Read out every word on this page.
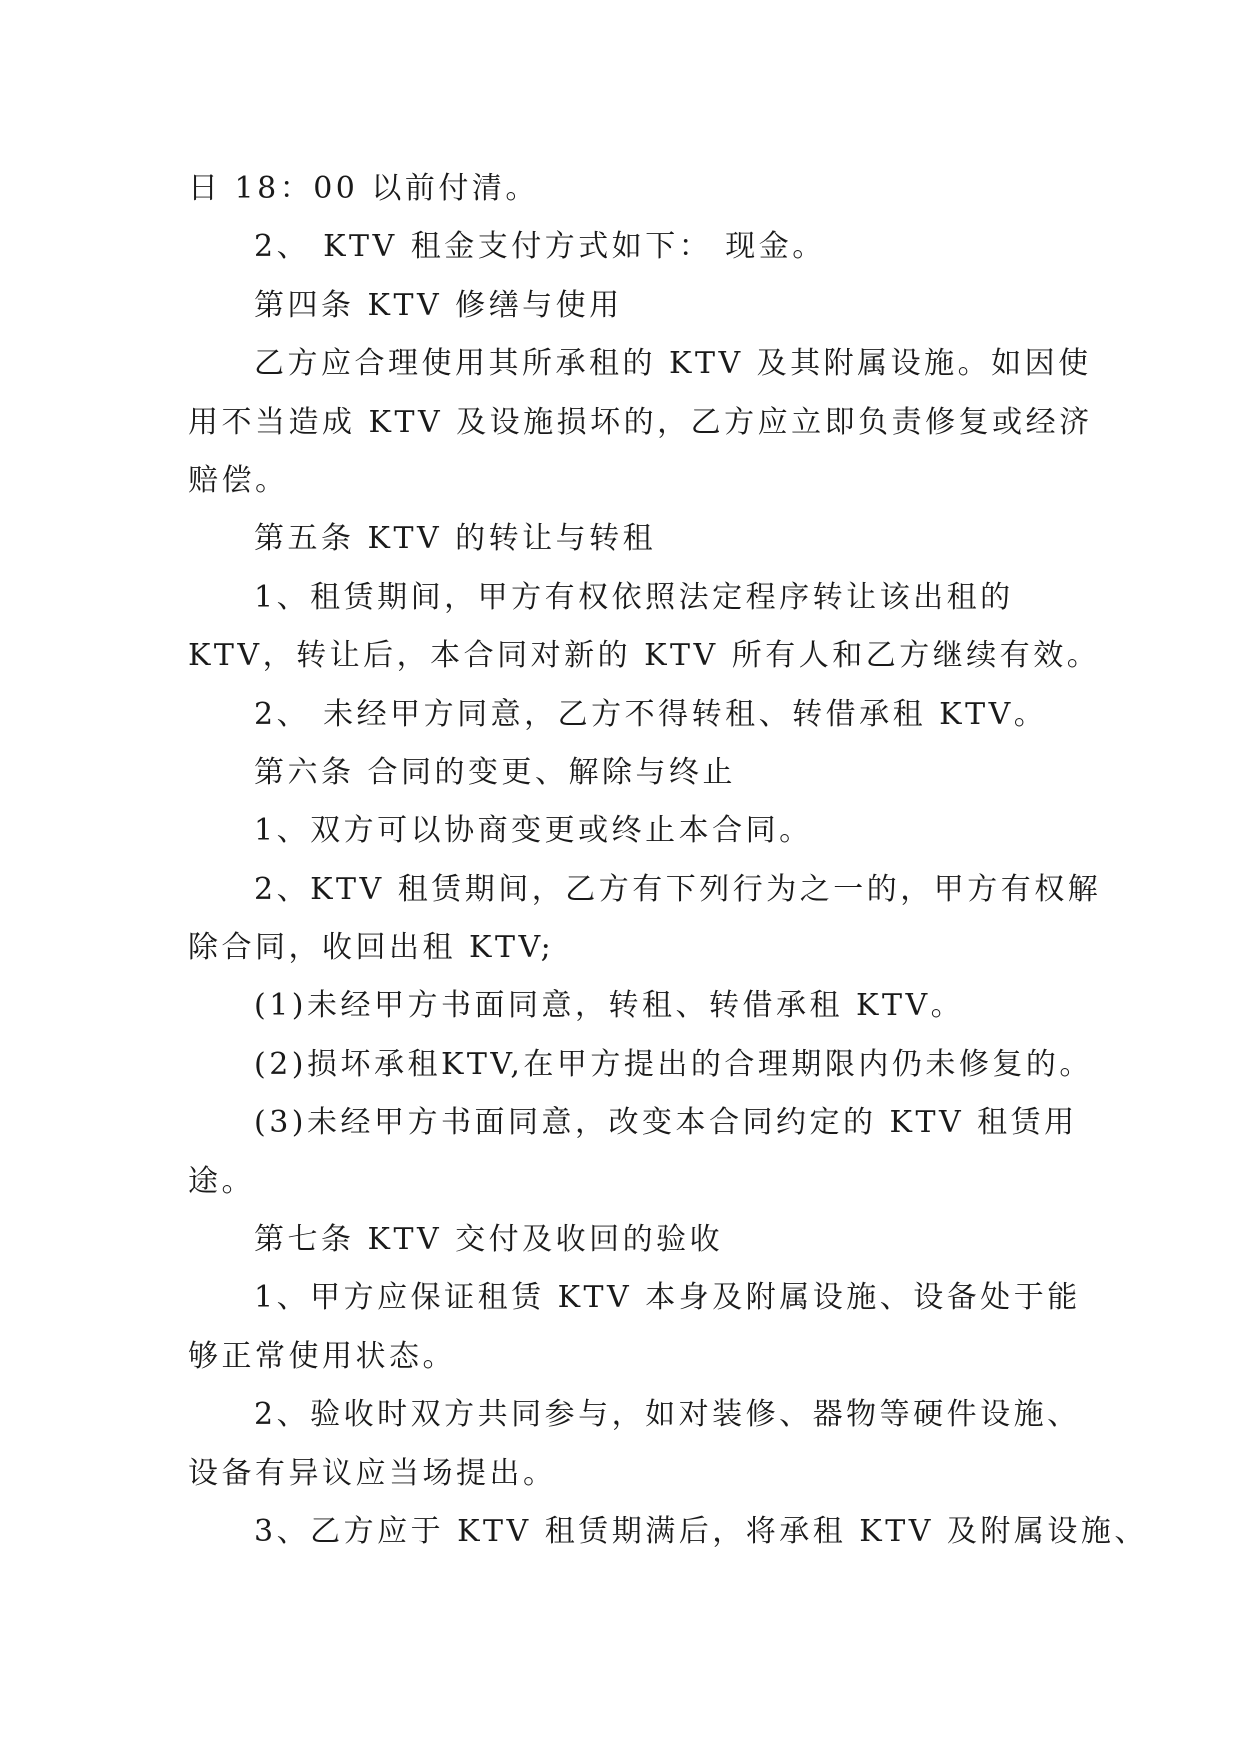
日 18：00 以前付清。
2、 KTV 租金支付方式如下： 现金。
第四条 KTV 修缮与使用
乙方应合理使用其所承租的 KTV 及其附属设施。如因使
用不当造成 KTV 及设施损坏的，乙方应立即负责修复或经济
赔偿。
第五条 KTV 的转让与转租
1、租赁期间，甲方有权依照法定程序转让该出租的
KTV，转让后，本合同对新的 KTV 所有人和乙方继续有效。
2、 未经甲方同意，乙方不得转租、转借承租 KTV。
第六条 合同的变更、解除与终止
1、双方可以协商变更或终止本合同。
2、KTV 租赁期间，乙方有下列行为之一的，甲方有权解
除合同，收回出租 KTV;
(1)未经甲方书面同意，转租、转借承租 KTV。
(2)损坏承租KTV,在甲方提出的合理期限内仍未修复的。
(3)未经甲方书面同意，改变本合同约定的 KTV 租赁用
途。
第七条 KTV 交付及收回的验收
1、甲方应保证租赁 KTV 本身及附属设施、设备处于能
够正常使用状态。
2、验收时双方共同参与，如对装修、器物等硬件设施、
设备有异议应当场提出。
3、乙方应于 KTV 租赁期满后，将承租 KTV 及附属设施、
